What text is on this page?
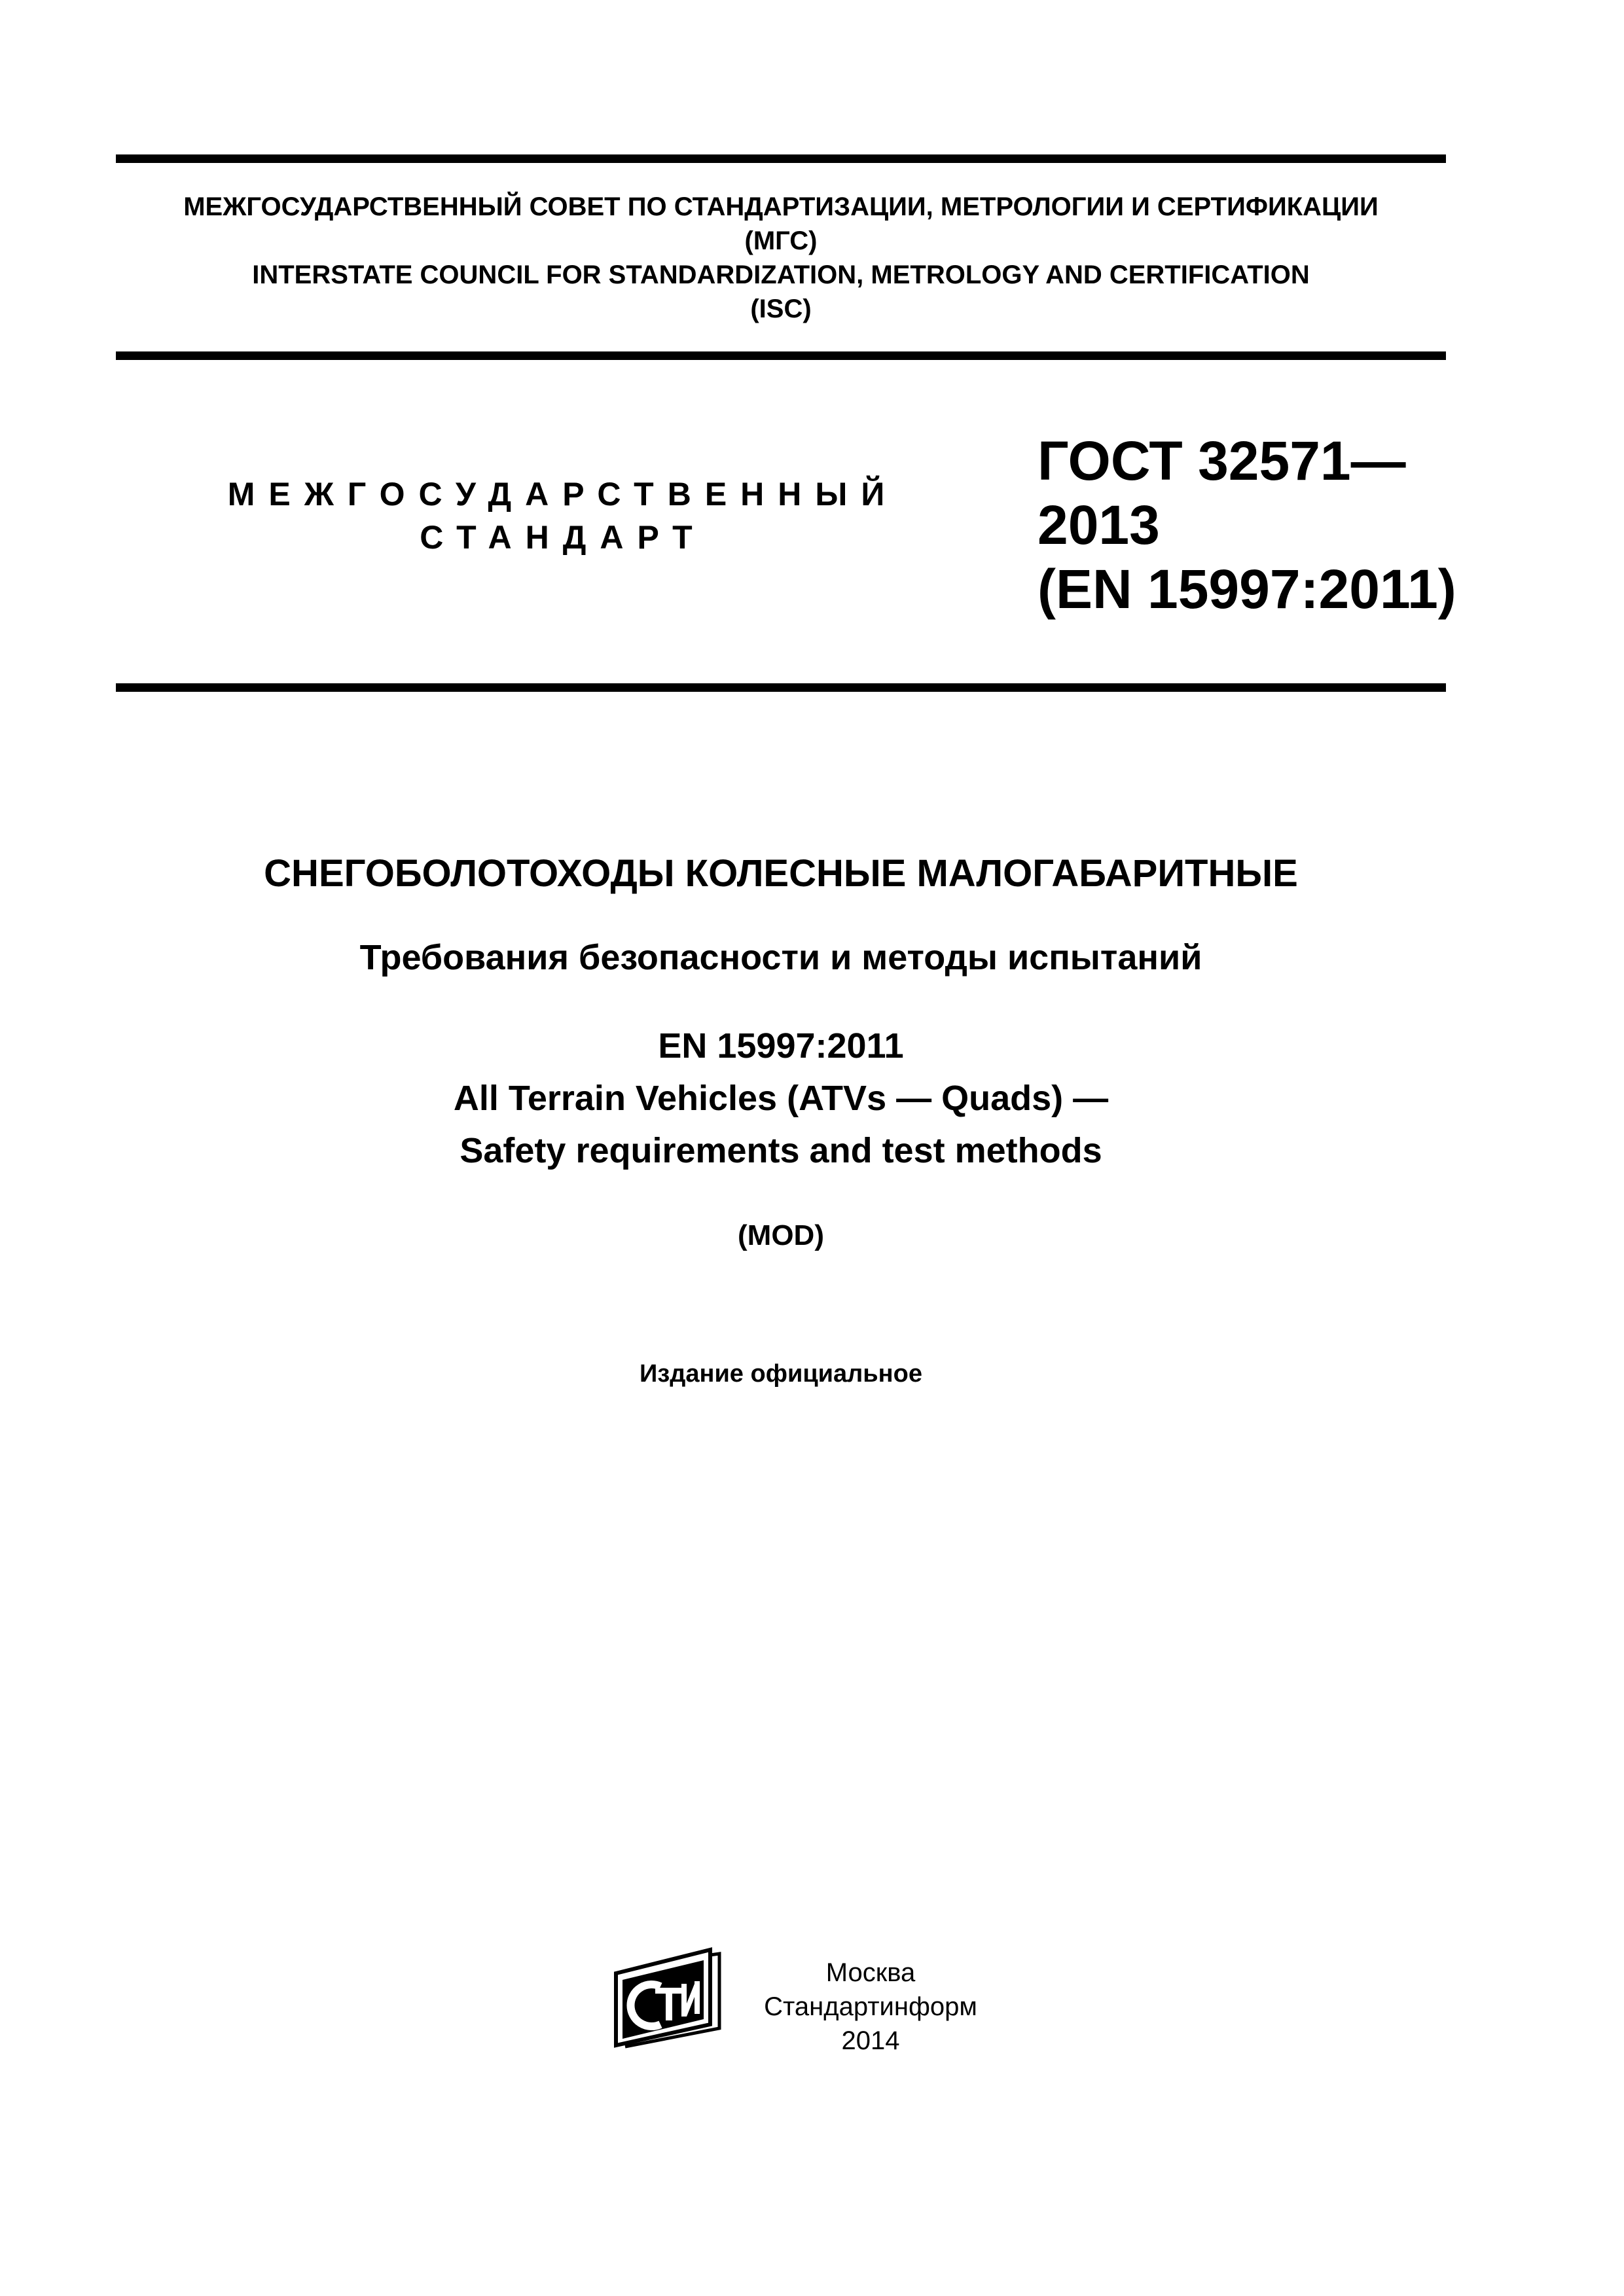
МЕЖГОСУДАРСТВЕННЫЙ СОВЕТ ПО СТАНДАРТИЗАЦИИ, МЕТРОЛОГИИ И СЕРТИФИКАЦИИ
(МГС)
INTERSTATE COUNCIL FOR STANDARDIZATION, METROLOGY AND CERTIFICATION
(ISC)
МЕЖГОСУДАРСТВЕННЫЙ
СТАНДАРТ
ГОСТ 32571—
2013
(EN 15997:2011)
СНЕГОБОЛОТОХОДЫ КОЛЕСНЫЕ МАЛОГАБАРИТНЫЕ
Требования безопасности и методы испытаний
EN 15997:2011
All Terrain Vehicles (ATVs — Quads) —
Safety requirements and test methods
(MOD)
Издание официальное
Москва
Стандартинформ
2014
